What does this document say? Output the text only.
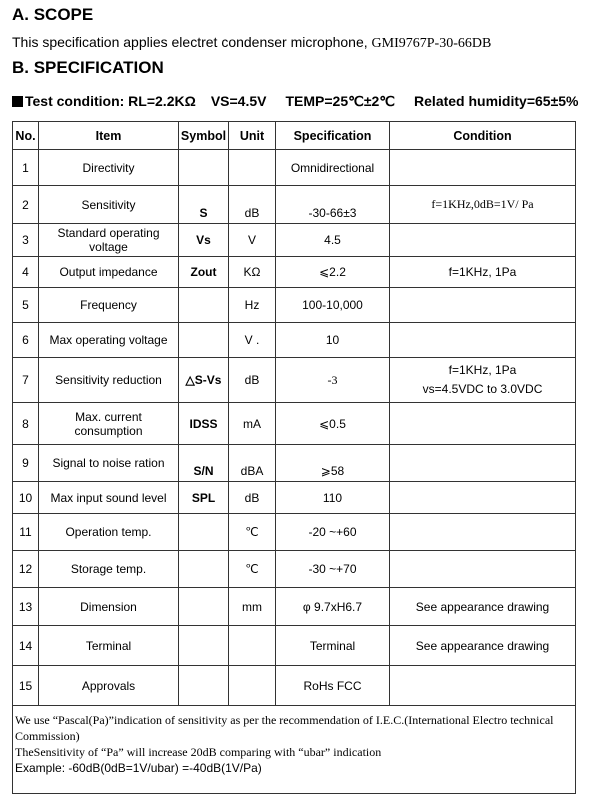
A. SCOPE
This specification applies electret condenser microphone, GMI9767P-30-66DB
B. SPECIFICATION
Test condition: RL=2.2KΩ VS=4.5V TEMP=25℃±2℃ Related humidity=65±5%
No.	Item	Symbol	Unit	Specification	Condition
1	Directivity			Omnidirectional	
2	Sensitivity	S	dB	-30-66±3	f=1KHz,0dB=1V/ Pa
3	Standard operating voltage	Vs	V	4.5	
4	Output impedance	Zout	KΩ	⩽2.2	f=1KHz, 1Pa
5	Frequency		Hz	100-10,000	
6	Max operating voltage		V .	10	
7	Sensitivity reduction	△S-Vs	dB	-3	f=1KHz, 1Pa
vs=4.5VDC to 3.0VDC

8	Max. current consumption	IDSS	mA	⩽0.5	
9	Signal to noise ration	S/N	dBA	⩾58	
10	Max input sound level	SPL	dB	110	
11	Operation temp.		℃	-20 ~+60	
12	Storage temp.		℃	-30 ~+70	
13	Dimension		mm	φ 9.7xH6.7	See appearance drawing
14	Terminal			Terminal	See appearance drawing
15	Approvals			RoHs FCC	

We use “Pascal(Pa)”indication of sensitivity as per the recommendation of I.E.C.(International Electro technical Commission)
TheSensitivity of “Pa” will increase 20dB comparing with “ubar” indication
Example: -60dB(0dB=1V/ubar) =-40dB(1V/Pa)					
